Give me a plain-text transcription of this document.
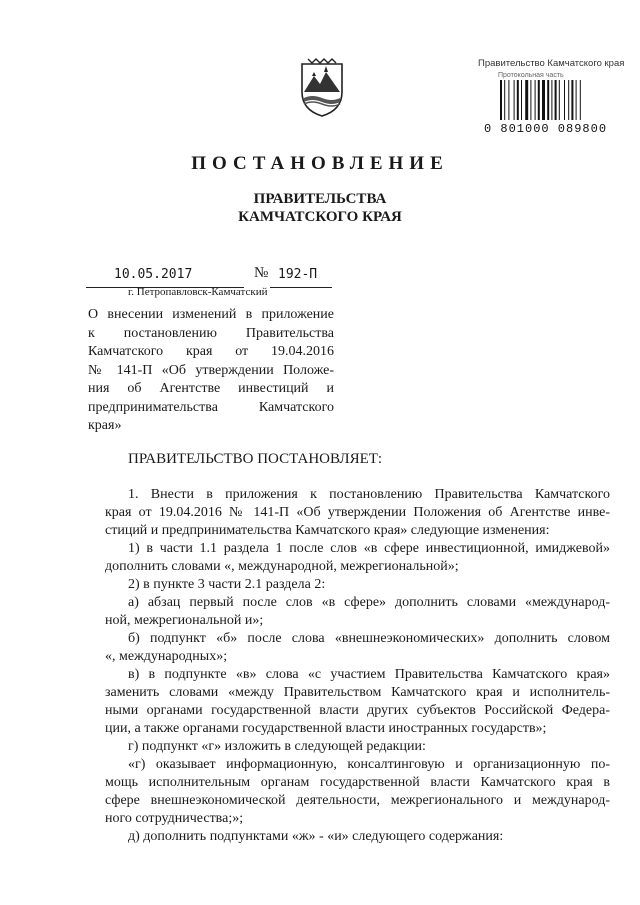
Правительство Камчатского края
Протокольная часть
0 801000 089800
ПОСТАНОВЛЕНИЕ
ПРАВИТЕЛЬСТВА
КАМЧАТСКОГО КРАЯ
10.05.2017	№ 192-П
г. Петропавловск-Камчатский
О внесении изменений в приложение
к постановлению Правительства
Камчатского края от 19.04.2016
№ 141-П «Об утверждении Положе-
ния об Агентстве инвестиций и
предпринимательства Камчатского
края»
ПРАВИТЕЛЬСТВО ПОСТАНОВЛЯЕТ:
1. Внести в приложения к постановлению Правительства Камчатского
края от 19.04.2016 № 141-П «Об утверждении Положения об Агентстве инве-
стиций и предпринимательства Камчатского края» следующие изменения:
1) в части 1.1 раздела 1 после слов «в сфере инвестиционной, имиджевой»
дополнить словами «, международной, межрегиональной»;
2) в пункте 3 части 2.1 раздела 2:
а) абзац первый после слов «в сфере» дополнить словами «международ-
ной, межрегиональной и»;
б) подпункт «б» после слова «внешнеэкономических» дополнить словом
«, международных»;
в) в подпункте «в» слова «с участием Правительства Камчатского края»
заменить словами «между Правительством Камчатского края и исполнитель-
ными органами государственной власти других субъектов Российской Федера-
ции, а также органами государственной власти иностранных государств»;
г) подпункт «г» изложить в следующей редакции:
«г) оказывает информационную, консалтинговую и организационную по-
мощь исполнительным органам государственной власти Камчатского края в
сфере внешнеэкономической деятельности, межрегионального и международ-
ного сотрудничества;»;
д) дополнить подпунктами «ж» - «и» следующего содержания:
